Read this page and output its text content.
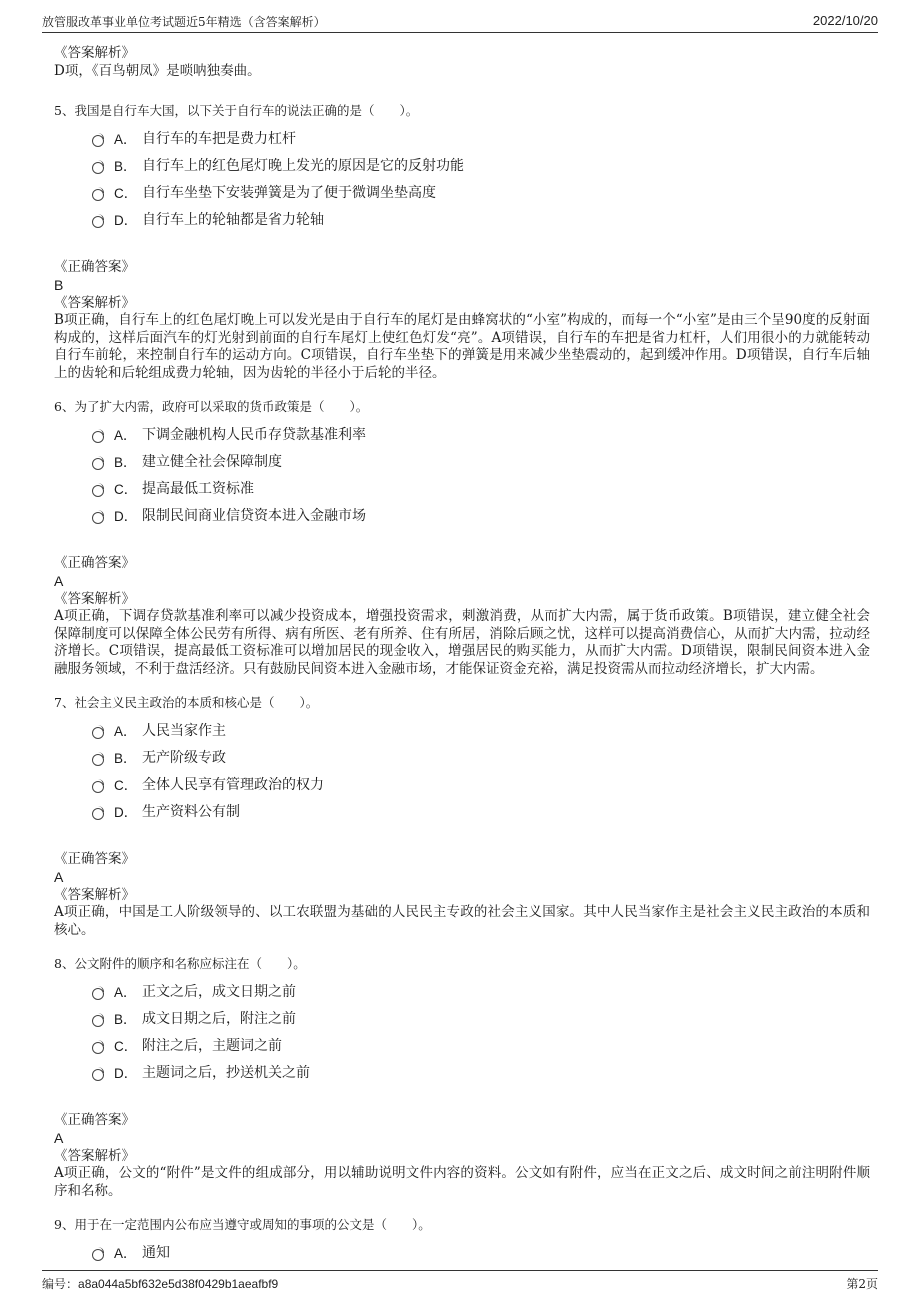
放管服改革事业单位考试题近5年精选（含答案解析）	2022/10/20

《答案解析》

D项，《百鸟朝凤》是唢呐独奏曲。

5、我国是自行车大国，以下关于自行车的说法正确的是（　　）。

A． 自行车的车把是费力杠杆
B． 自行车上的红色尾灯晚上发光的原因是它的反射功能
C． 自行车坐垫下安装弹簧是为了便于微调坐垫高度
D． 自行车上的轮轴都是省力轮轴

《正确答案》

B

《答案解析》

B项正确，自行车上的红色尾灯晚上可以发光是由于自行车的尾灯是由蜂窝状的“小室”构成的，而每一个“小室”是由三个呈90度的反射面构成的，这样后面汽车的灯光射到前面的自行车尾灯上使红色灯发“亮”。A项错误，自行车的车把是省力杠杆，人们用很小的力就能转动自行车前轮，来控制自行车的运动方向。C项错误，自行车坐垫下的弹簧是用来减少坐垫震动的，起到缓冲作用。D项错误，自行车后轴上的齿轮和后轮组成费力轮轴，因为齿轮的半径小于后轮的半径。

6、为了扩大内需，政府可以采取的货币政策是（　　）。

A． 下调金融机构人民币存贷款基准利率
B． 建立健全社会保障制度
C． 提高最低工资标准
D． 限制民间商业信贷资本进入金融市场

《正确答案》

A

《答案解析》

A项正确，下调存贷款基准利率可以减少投资成本，增强投资需求，刺激消费，从而扩大内需，属于货币政策。B项错误，建立健全社会保障制度可以保障全体公民劳有所得、病有所医、老有所养、住有所居，消除后顾之忧，这样可以提高消费信心，从而扩大内需，拉动经济增长。C项错误，提高最低工资标准可以增加居民的现金收入，增强居民的购买能力，从而扩大内需。D项错误，限制民间资本进入金融服务领域，不利于盘活经济。只有鼓励民间资本进入金融市场，才能保证资金充裕，满足投资需从而拉动经济增长，扩大内需。

7、社会主义民主政治的本质和核心是（　　）。

A． 人民当家作主
B． 无产阶级专政
C． 全体人民享有管理政治的权力
D． 生产资料公有制

《正确答案》

A

《答案解析》

A项正确，中国是工人阶级领导的、以工农联盟为基础的人民民主专政的社会主义国家。其中人民当家作主是社会主义民主政治的本质和核心。

8、公文附件的顺序和名称应标注在（　　）。

A． 正文之后，成文日期之前
B． 成文日期之后，附注之前
C． 附注之后，主题词之前
D． 主题词之后，抄送机关之前

《正确答案》

A

《答案解析》

A项正确，公文的“附件”是文件的组成部分，用以辅助说明文件内容的资料。公文如有附件，应当在正文之后、成文时间之前注明附件顺序和名称。

9、用于在一定范围内公布应当遵守或周知的事项的公文是（　　）。

A． 通知
编号：a8a044a5bf632e5d38f0429b1aeafbf9	第2页
